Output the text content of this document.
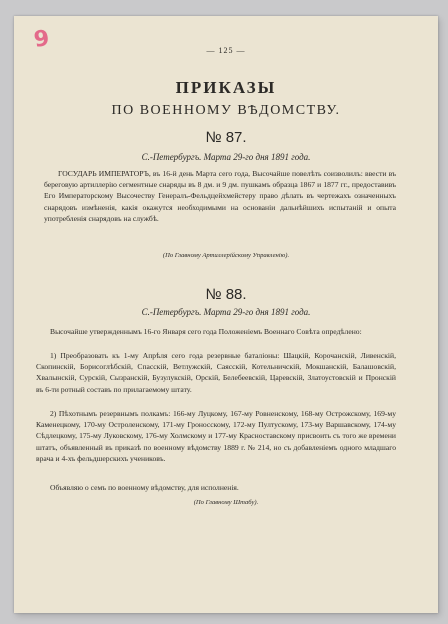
9	— 125 —
ПРИКАЗЫ
ПО ВОЕННОМУ ВѢДОМСТВУ.
№ 87.
С.-Петербургъ. Марта 29-го дня 1891 года.

ГОСУДАРЬ ИМПЕРАТОРЪ, въ 16-й день Марта сего года, Высочайше повелѣть соизволилъ: ввести въ береговую артиллерію сегментные снаряды въ 8 дм. и 9 дм. пушкамъ образца 1867 и 1877 гг., предоставивъ Его Императорскому Высочеству Генералъ-Фельдцейхмейстеру право дѣлать въ чертежахъ означенныхъ снарядовъ измѣненія, какія окажутся необходимыми на основаніи дальнѣйшихъ испытаній и опыта употребленія снарядовъ на службѣ.

(По Главному Артиллерійскому Управленію).
№ 88.
С.-Петербургъ. Марта 29-го дня 1891 года.

Высочайше утвержденнымъ 16-го Января сего года Положеніемъ Военнаго Совѣта опредѣлено:

1) Преобразовать къ 1-му Апрѣля сего года резервные баталіоны: Шацкій, Корочанскій, Ливенскій, Скопинскій, Борисоглѣбскій, Спасскій, Ветлужскій, Саясскій, Котельничскій, Мокшанскій, Балашовскій, Хвалынскій, Сурскій, Сызранскій, Бузулукскій, Орскій, Белебеевскій, Царевскій, Златоустовскій и Пронскій въ 6-ти ротный составъ по прилагаемому штату.

2) Пѣхотнымъ резервнымъ полкамъ: 166-му Луцкому, 167-му Ровненскому, 168-му Острожскому, 169-му Каменецкому, 170-му Остроленскому, 171-му Гроносскому, 172-му Пултускому, 173-му Варшавскому, 174-му Сѣдлецкому, 175-му Луковскому, 176-му Холмскому и 177-му Красноставскому присвоить съ того же времени штатъ, объявленный въ приказѣ по военному вѣдомству 1889 г. № 214, но съ добавленіемъ одного младшаго врача и 4-хъ фельдшерскихъ учениковъ.

Объявляю о семъ по военному вѣдомству, для исполненія.

(По Главному Штабу).
